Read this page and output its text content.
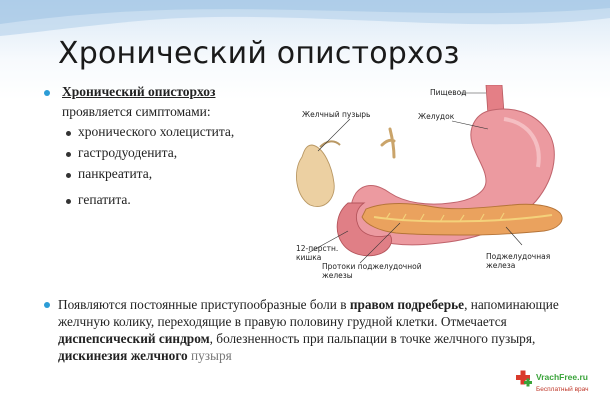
Хронический описторхоз
Хронический описторхоз
проявляется симптомами:
хронического холецистита,
гастродуоденита,
панкреатита,
гепатита.
Пищевод
Желчный пузырь	Желудок
12-перстн.
кишка
Протоки поджелудочной
железы
Поджелудочная
железа
Появляются постоянные приступообразные боли в правом подреберье, напоминающие желчную колику, переходящие в правую половину грудной клетки. Отмечается диспепсический синдром, болезненность при пальпации в точке желчного пузыря, дискинезия желчного пузыря
VrachFree.ru
Бесплатный врач
